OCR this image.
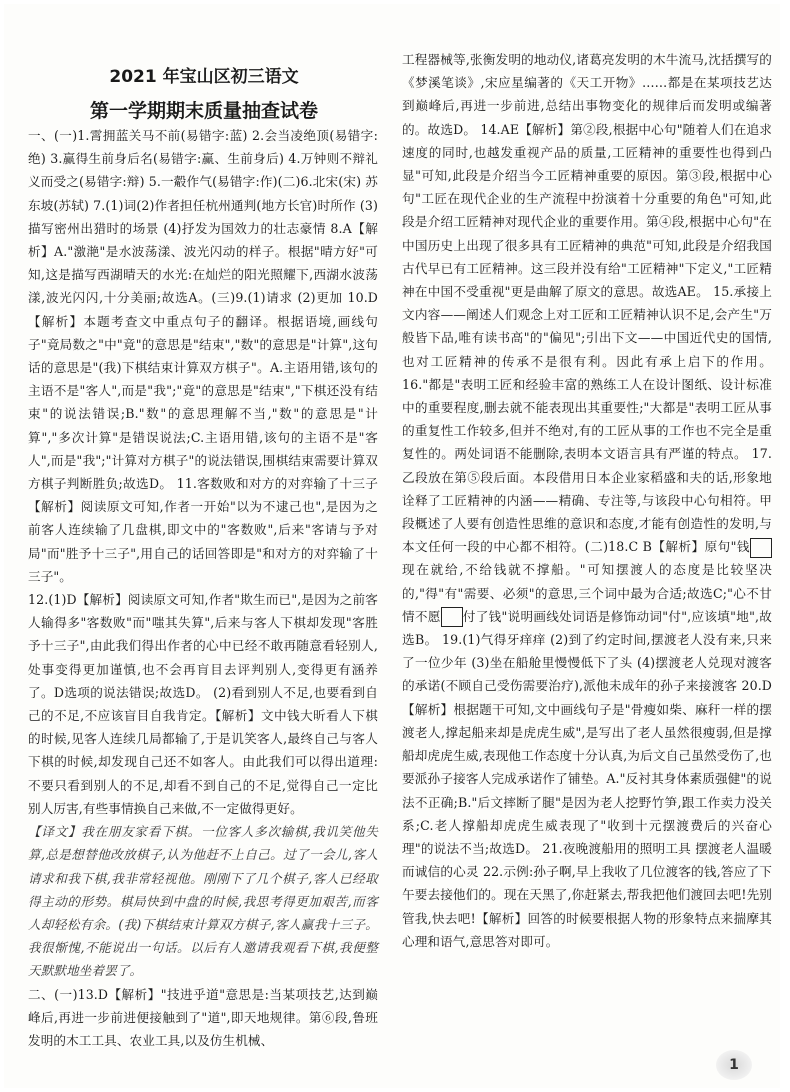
2021 年宝山区初三语文
第一学期期末质量抽查试卷

一、(一)1.霄拥蓝关马不前(易错字:蓝) 2.会当凌绝顶(易错字:绝) 3.赢得生前身后名(易错字:赢、生前身后) 4.万钟则不辩礼义而受之(易错字:辩) 5.一觳作气(易错字:作)(二)6.北宋(宋) 苏东坡(苏轼) 7.(1)词(2)作者担任杭州通判(地方长官)时所作 (3)描写密州出猎时的场景 (4)抒发为国效力的壮志豪情 8.A【解析】A."激滟"是水波荡漾、波光闪动的样子。根据"晴方好"可知,这是描写西湖晴天的水光:在灿烂的阳光照耀下,西湖水波荡漾,波光闪闪,十分美丽;故选A。(三)9.(1)请求 (2)更加 10.D【解析】本题考查文中重点句子的翻译。根据语境,画线句子"竟局数之"中"竟"的意思是"结束","数"的意思是"计算",这句话的意思是"(我)下棋结束计算双方棋子"。A.主语用错,该句的主语不是"客人",而是"我";"竟"的意思是"结束","下棋还没有结束"的说法错误;B."数"的意思理解不当,"数"的意思是"计算","多次计算"是错误说法;C.主语用错,该句的主语不是"客人",而是"我";"计算对方棋子"的说法错误,围棋结束需要计算双方棋子判断胜负;故选D。 11.客数败和对方的对弈输了十三子【解析】阅读原文可知,作者一开始"以为不逮己也",是因为之前客人连续输了几盘棋,即文中的"客数败",后来"客请与予对局"而"胜予十三子",用自己的话回答即是"和对方的对弈输了十三子"。

12.(1)D【解析】阅读原文可知,作者"欺生而已",是因为之前客人输得多"客数败"而"嗤其失算",后来与客人下棋却发现"客胜予十三子",由此我们得出作者的心中已经不敢再随意看轻别人,处事变得更加谨慎,也不会再肓目去评判别人,变得更有涵养了。D选项的说法错误;故选D。 (2)看到别人不足,也要看到自己的不足,不应该盲目自我肯定。【解析】文中钱大昕看人下棋的时候,见客人连续几局都输了,于是讥笑客人,最终自己与客人下棋的时候,却发现自己还不如客人。由此我们可以得出道理:不要只看到别人的不足,却看不到自己的不足,觉得自己一定比别人厉害,有些事情换自己来做,不一定做得更好。

【译文】我在朋友家看下棋。一位客人多次输棋,我讥笑他失算,总是想替他改放棋子,认为他赶不上自己。过了一会儿,客人请求和我下棋,我非常轻视他。刚刚下了几个棋子,客人已经取得主动的形势。棋局快到中盘的时候,我思考得更加艰苦,而客人却轻松有余。(我)下棋结束计算双方棋子,客人赢我十三子。我很惭愧,不能说出一句话。以后有人邀请我观看下棋,我便整天默默地坐着罢了。

二、(一)13.D【解析】"技进乎道"意思是:当某项技艺,达到巅峰后,再进一步前进便接触到了"道",即天地规律。第⑥段,鲁班发明的木工工具、农业工具,以及仿生机械、

工程器械等,张衡发明的地动仪,诸葛亮发明的木牛流马,沈括撰写的《梦溪笔谈》,宋应星编著的《天工开物》……都是在某项技艺达到巅峰后,再进一步前进,总结出事物变化的规律后而发明或编著的。故选D。 14.AE【解析】第②段,根据中心句"随着人们在追求速度的同时,也越发重视产品的质量,工匠精神的重要性也得到凸显"可知,此段是介绍当今工匠精神重要的原因。第③段,根据中心句"工匠在现代企业的生产流程中扮演着十分重要的角色"可知,此段是介绍工匠精神对现代企业的重要作用。第④段,根据中心句"在中国历史上出现了很多具有工匠精神的典范"可知,此段是介绍我国古代早已有工匠精神。这三段并没有给"工匠精神"下定义,"工匠精神在中国不受重视"更是曲解了原文的意思。故选AE。 15.承接上文内容——阐述人们观念上对工匠和工匠精神认识不足,会产生"万般皆下品,唯有读书高"的"偏见";引出下文——中国近代史的国情,也对工匠精神的传承不是很有利。因此有承上启下的作用。 16."都是"表明工匠和经验丰富的熟练工人在设计图纸、设计标准中的重要程度,删去就不能表现出其重要性;"大都是"表明工匠从事的重复性工作较多,但并不绝对,有的工匠从事的工作也不完全是重复性的。两处词语不能删除,表明本文语言具有严谨的特点。 17.乙段放在第⑤段后面。本段借用日本企业家稻盛和夫的话,形象地诠释了工匠精神的内涵——精确、专注等,与该段中心句相符。甲段概述了人要有创造性思维的意识和态度,才能有创造性的发明,与本文任何一段的中心都不相符。(二)18.C B【解析】原句"钱现在就给,不给钱就不撑船。"可知摆渡人的态度是比较坚决的,"得"有"需要、必须"的意思,三个词中最为合适;故选C;"心不甘情不愿 付了钱"说明画线处词语是修饰动词"付",应该填"地",故选B。 19.(1)气得牙痒痒 (2)到了约定时间,摆渡老人没有来,只来了一位少年 (3)坐在船舱里慢慢低下了头 (4)摆渡老人兑现对渡客的承诺(不顾自己受伤需要治疗),派他未成年的孙子来接渡客 20.D【解析】根据题干可知,文中画线句子是"骨瘦如柴、麻秆一样的摆渡老人,撑起船来却是虎虎生威",是写出了老人虽然很瘦弱,但是撑船却虎虎生威,表现他工作态度十分认真,为后文自己虽然受伤了,也要派孙子接客人完成承诺作了铺垫。A."反衬其身体素质强健"的说法不正确;B."后文摔断了腿"是因为老人挖野竹笋,跟工作卖力没关系;C.老人撑船却虎虎生威表现了"收到十元摆渡费后的兴奋心理"的说法不当;故选D。 21.夜晚渡船用的照明工具 摆渡老人温暖而诚信的心灵 22.示例:孙子啊,早上我收了几位渡客的钱,答应了下午要去接他们的。现在天黑了,你赶紧去,帮我把他们渡回去吧!先别管我,快去吧!【解析】回答的时候要根据人物的形象特点来揣摩其心理和语气,意思答对即可。

1
